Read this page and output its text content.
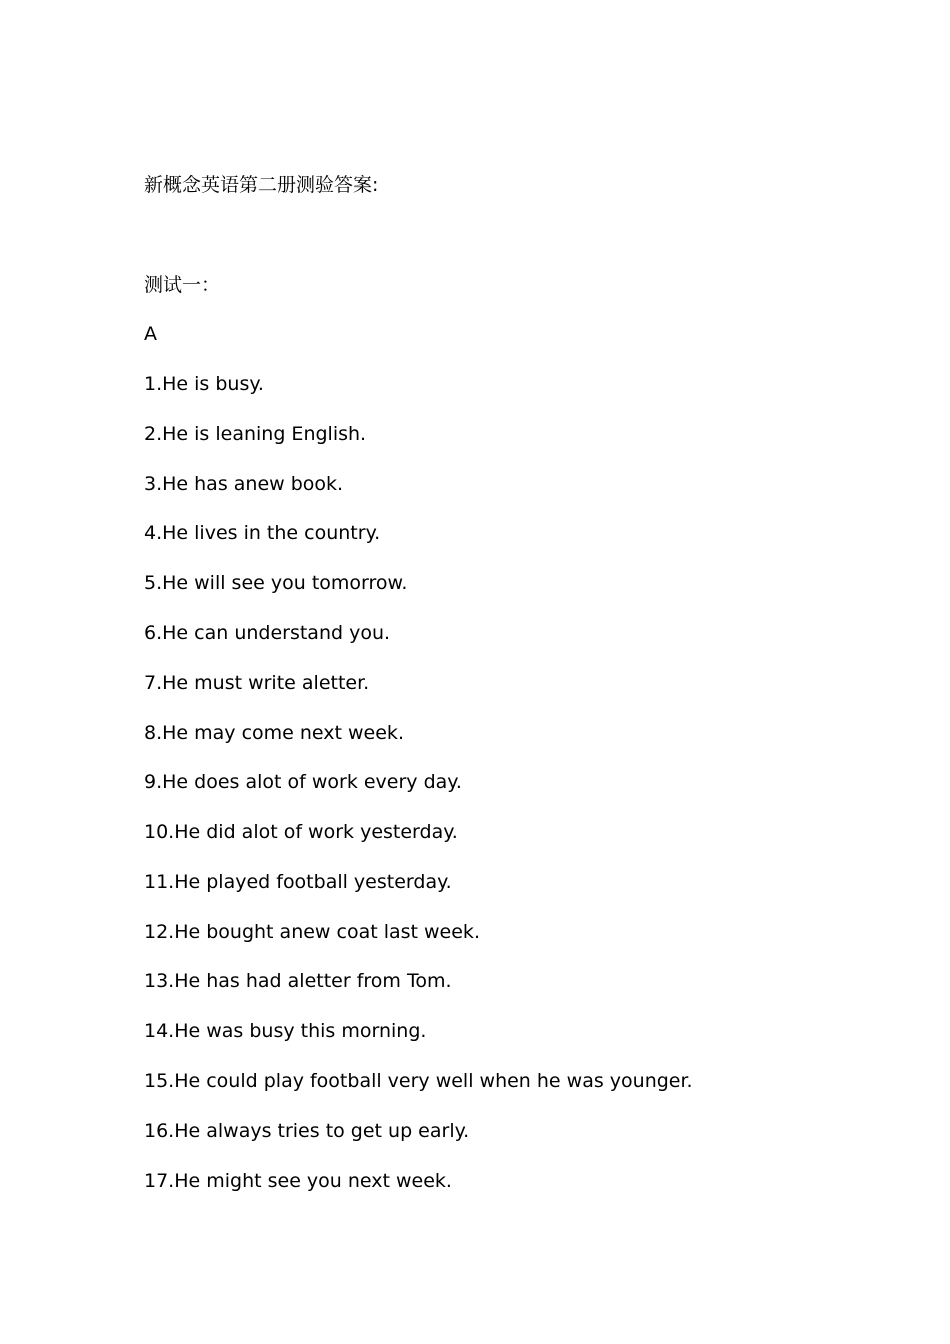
新概念英语第二册测验答案:
测试一：
A
1.He is busy.
2.He is leaning English.
3.He has anew book.
4.He lives in the country.
5.He will see you tomorrow.
6.He can understand you.
7.He must write aletter.
8.He may come next week.
9.He does alot of work every day.
10.He did alot of work yesterday.
11.He played football yesterday.
12.He bought anew coat last week.
13.He has had aletter from Tom.
14.He was busy this morning.
15.He could play football very well when he was younger.
16.He always tries to get up early.
17.He might see you next week.
